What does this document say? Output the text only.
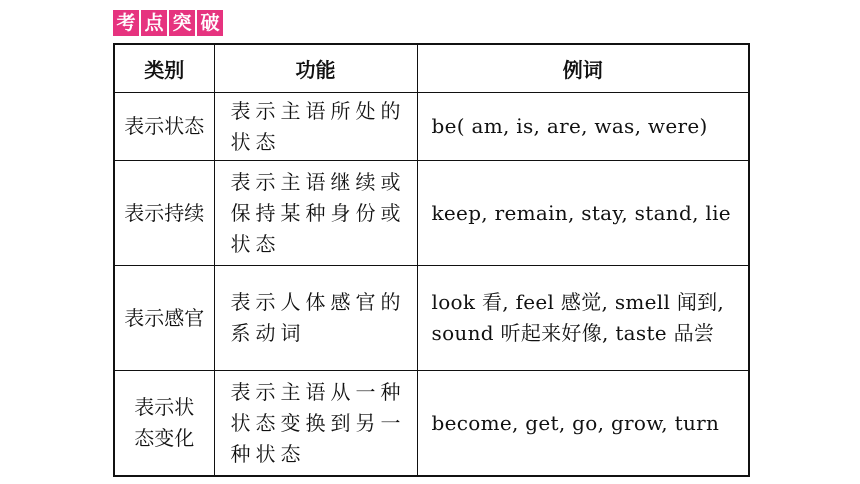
考 点 突 破
类别	功能	例词
表示状态	表示主语所处的状态	be( am, is, are, was, were)
表示持续	表示主语继续或保持某种身份或状态	keep, remain, stay, stand, lie
表示感官	表示人体感官的系动词	look 看, feel 感觉, smell 闻到, sound 听起来好像, taste 品尝
表示状态变化	表示主语从一种状态变换到另一种状态	become, get, go, grow, turn
